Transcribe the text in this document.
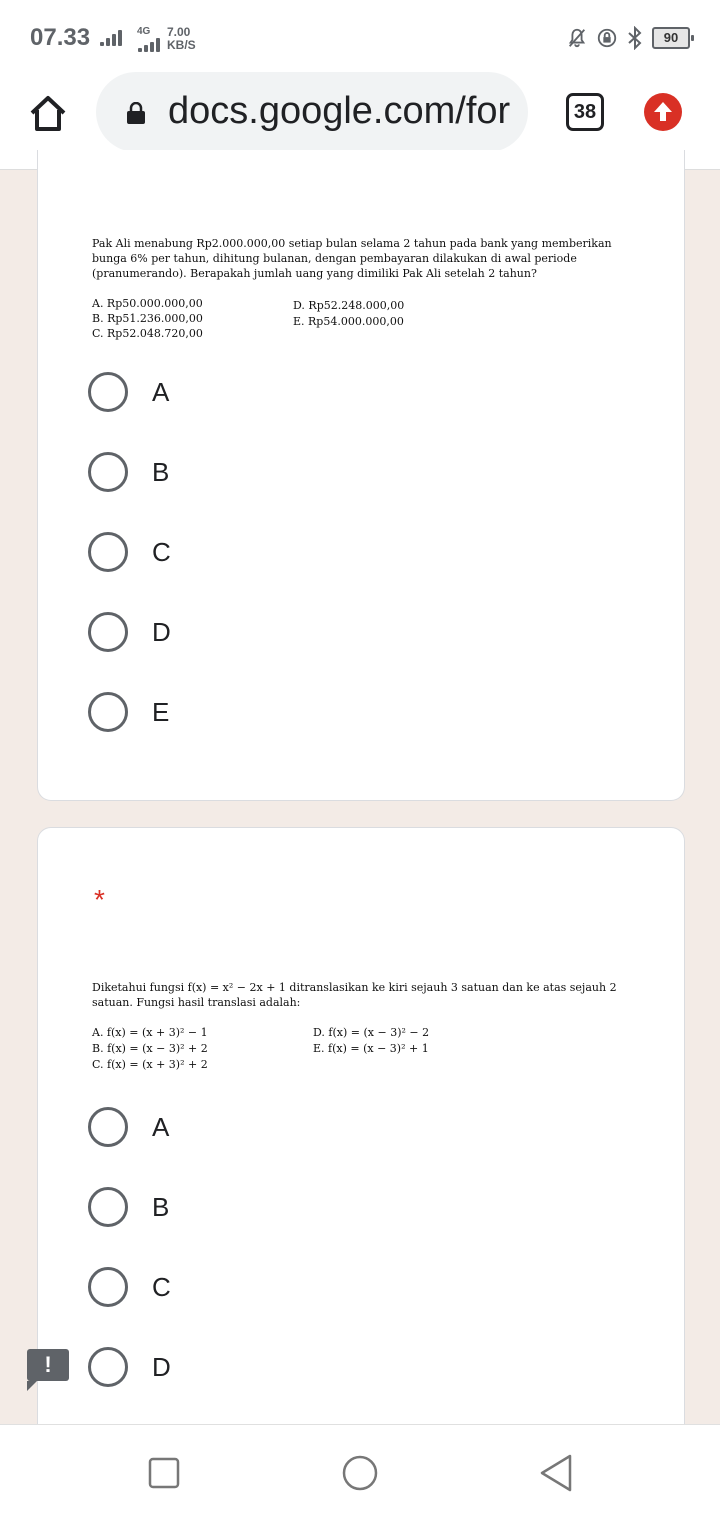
07.33	4G 7.00
KB/S	90
docs.google.com/for	38
Pak Ali menabung Rp2.000.000,00 setiap bulan selama 2 tahun pada bank yang memberikan bunga 6% per tahun, dihitung bulanan, dengan pembayaran dilakukan di awal periode (pranumerando). Berapakah jumlah uang yang dimiliki Pak Ali setelah 2 tahun?
A. Rp50.000.000,00
B. Rp51.236.000,00
C. Rp52.048.720,00
D. Rp52.248.000,00
E. Rp54.000.000,00
A
B
C
D
E
*
Diketahui fungsi f(x) = x² − 2x + 1 ditranslasikan ke kiri sejauh 3 satuan dan ke atas sejauh 2 satuan. Fungsi hasil translasi adalah:
A. f(x) = (x + 3)² − 1
B. f(x) = (x − 3)² + 2
C. f(x) = (x + 3)² + 2
D. f(x) = (x − 3)² − 2
E. f(x) = (x − 3)² + 1
A
B
C
D
!
